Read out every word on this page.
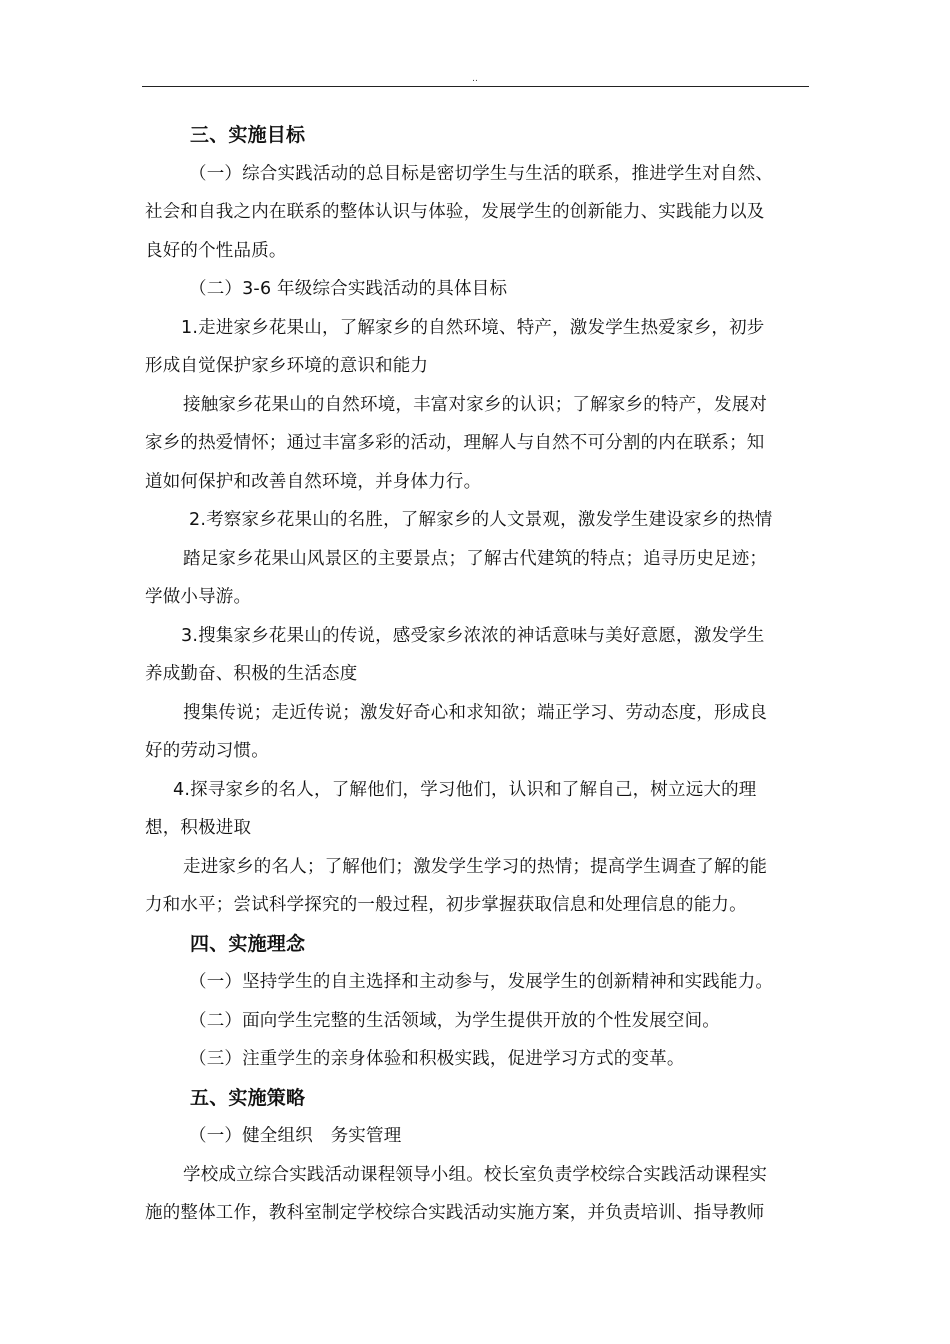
..
三、实施目标
（一）综合实践活动的总目标是密切学生与生活的联系，推进学生对自然、
社会和自我之内在联系的整体认识与体验，发展学生的创新能力、实践能力以及
良好的个性品质。
（二）3-6 年级综合实践活动的具体目标
1.走进家乡花果山，了解家乡的自然环境、特产，激发学生热爱家乡，初步
形成自觉保护家乡环境的意识和能力
接触家乡花果山的自然环境，丰富对家乡的认识；了解家乡的特产，发展对
家乡的热爱情怀；通过丰富多彩的活动，理解人与自然不可分割的内在联系；知
道如何保护和改善自然环境，并身体力行。
2.考察家乡花果山的名胜，了解家乡的人文景观，激发学生建设家乡的热情
踏足家乡花果山风景区的主要景点；了解古代建筑的特点；追寻历史足迹；
学做小导游。
3.搜集家乡花果山的传说，感受家乡浓浓的神话意味与美好意愿，激发学生
养成勤奋、积极的生活态度
搜集传说；走近传说；激发好奇心和求知欲；端正学习、劳动态度，形成良
好的劳动习惯。
4.探寻家乡的名人，了解他们，学习他们，认识和了解自己，树立远大的理
想，积极进取
走进家乡的名人；了解他们；激发学生学习的热情；提高学生调查了解的能
力和水平；尝试科学探究的一般过程，初步掌握获取信息和处理信息的能力。
四、实施理念
（一）坚持学生的自主选择和主动参与，发展学生的创新精神和实践能力。
（二）面向学生完整的生活领域，为学生提供开放的个性发展空间。
（三）注重学生的亲身体验和积极实践，促进学习方式的变革。
五、实施策略
（一）健全组织　务实管理
学校成立综合实践活动课程领导小组。校长室负责学校综合实践活动课程实
施的整体工作，教科室制定学校综合实践活动实施方案，并负责培训、指导教师
